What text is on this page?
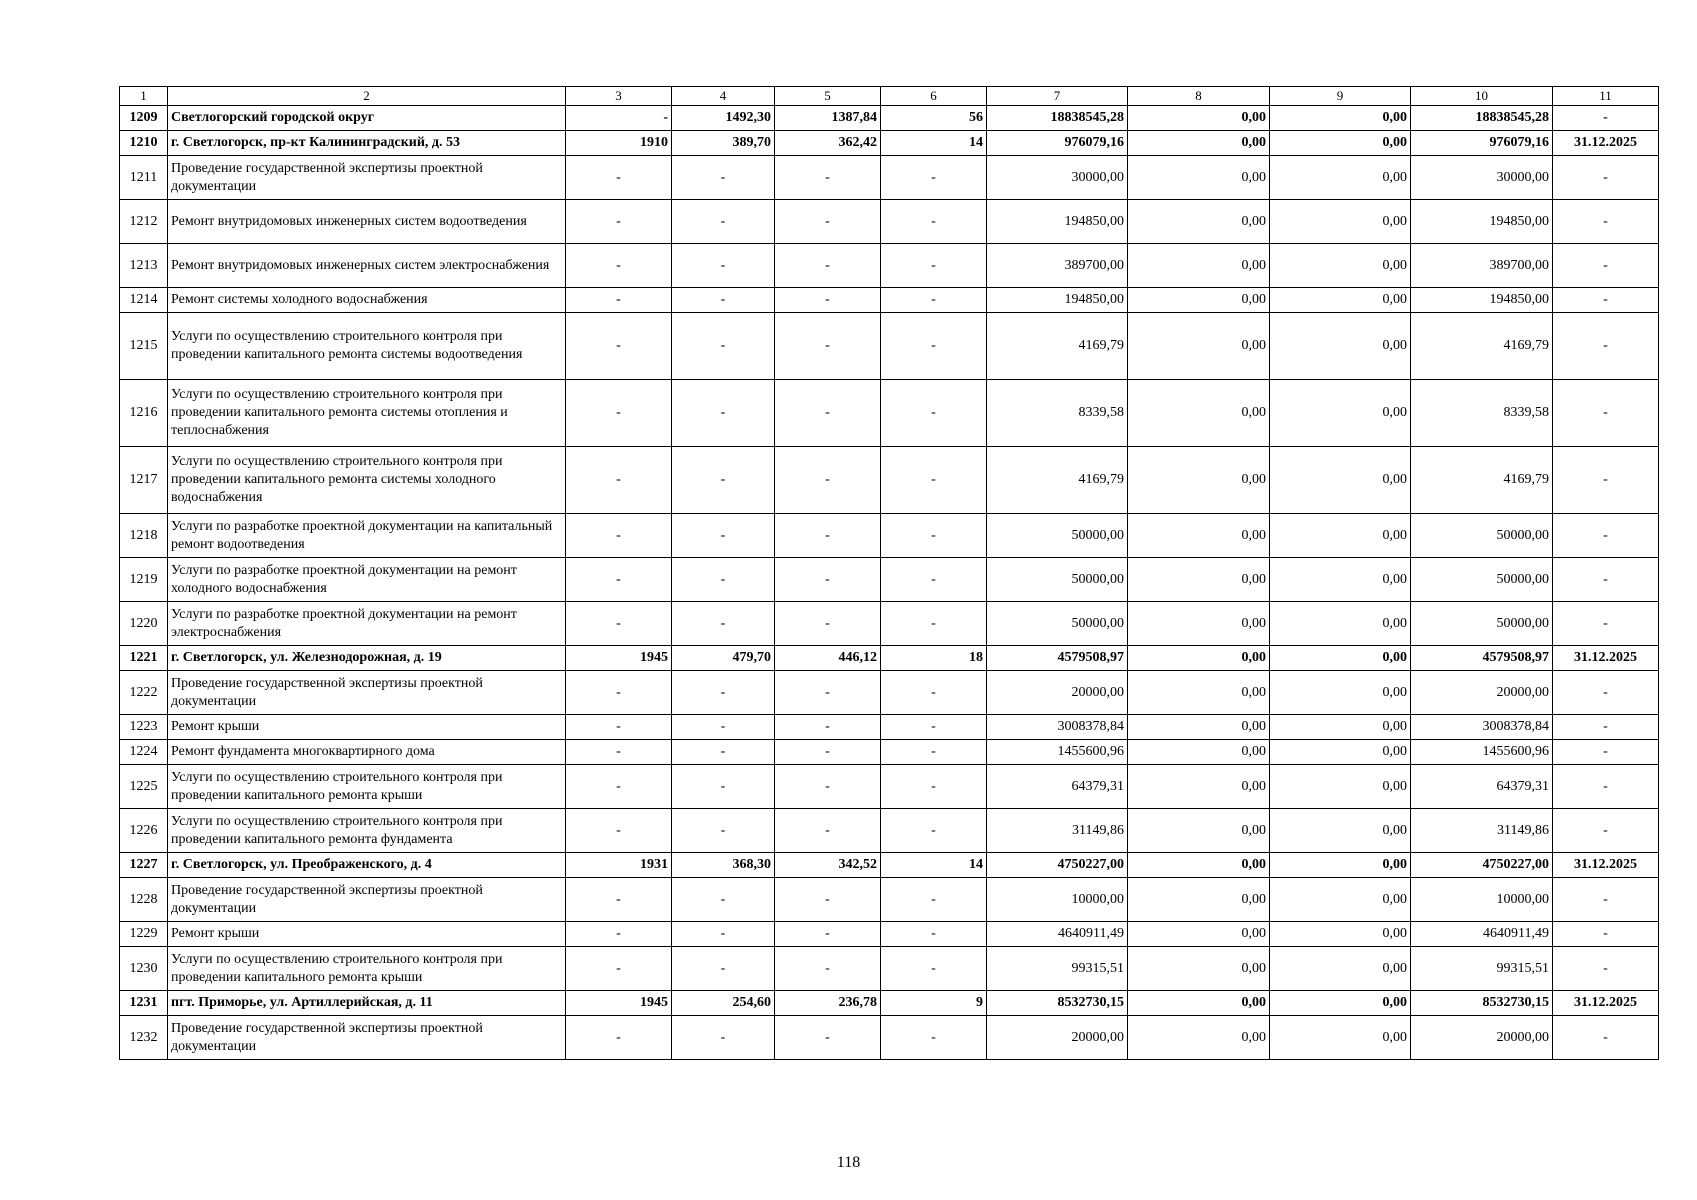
1	2	3	4	5	6	7	8	9	10	11
1209	Светлогорский городской округ	-	1492,30	1387,84	56	18838545,28	0,00	0,00	18838545,28	-
1210	г. Светлогорск, пр-кт Калининградский, д. 53	1910	389,70	362,42	14	976079,16	0,00	0,00	976079,16	31.12.2025
1211	Проведение государственной экспертизы проектной документации	-	-	-	-	30000,00	0,00	0,00	30000,00	-
1212	Ремонт внутридомовых инженерных систем водоотведения	-	-	-	-	194850,00	0,00	0,00	194850,00	-
1213	Ремонт внутридомовых инженерных систем электроснабжения	-	-	-	-	389700,00	0,00	0,00	389700,00	-
1214	Ремонт системы холодного водоснабжения	-	-	-	-	194850,00	0,00	0,00	194850,00	-
1215	Услуги по осуществлению строительного контроля при проведении капитального ремонта системы водоотведения	-	-	-	-	4169,79	0,00	0,00	4169,79	-
1216	Услуги по осуществлению строительного контроля при проведении капитального ремонта системы отопления и теплоснабжения	-	-	-	-	8339,58	0,00	0,00	8339,58	-
1217	Услуги по осуществлению строительного контроля при проведении капитального ремонта системы холодного водоснабжения	-	-	-	-	4169,79	0,00	0,00	4169,79	-
1218	Услуги по разработке проектной документации на капитальный ремонт водоотведения	-	-	-	-	50000,00	0,00	0,00	50000,00	-
1219	Услуги по разработке проектной документации на ремонт холодного водоснабжения	-	-	-	-	50000,00	0,00	0,00	50000,00	-
1220	Услуги по разработке проектной документации на ремонт электроснабжения	-	-	-	-	50000,00	0,00	0,00	50000,00	-
1221	г. Светлогорск, ул. Железнодорожная, д. 19	1945	479,70	446,12	18	4579508,97	0,00	0,00	4579508,97	31.12.2025
1222	Проведение государственной экспертизы проектной документации	-	-	-	-	20000,00	0,00	0,00	20000,00	-
1223	Ремонт крыши	-	-	-	-	3008378,84	0,00	0,00	3008378,84	-
1224	Ремонт фундамента многоквартирного дома	-	-	-	-	1455600,96	0,00	0,00	1455600,96	-
1225	Услуги по осуществлению строительного контроля при проведении капитального ремонта крыши	-	-	-	-	64379,31	0,00	0,00	64379,31	-
1226	Услуги по осуществлению строительного контроля при проведении капитального ремонта фундамента	-	-	-	-	31149,86	0,00	0,00	31149,86	-
1227	г. Светлогорск, ул. Преображенского, д. 4	1931	368,30	342,52	14	4750227,00	0,00	0,00	4750227,00	31.12.2025
1228	Проведение государственной экспертизы проектной документации	-	-	-	-	10000,00	0,00	0,00	10000,00	-
1229	Ремонт крыши	-	-	-	-	4640911,49	0,00	0,00	4640911,49	-
1230	Услуги по осуществлению строительного контроля при проведении капитального ремонта крыши	-	-	-	-	99315,51	0,00	0,00	99315,51	-
1231	пгт. Приморье, ул. Артиллерийская, д. 11	1945	254,60	236,78	9	8532730,15	0,00	0,00	8532730,15	31.12.2025
1232	Проведение государственной экспертизы проектной документации	-	-	-	-	20000,00	0,00	0,00	20000,00	-
118
